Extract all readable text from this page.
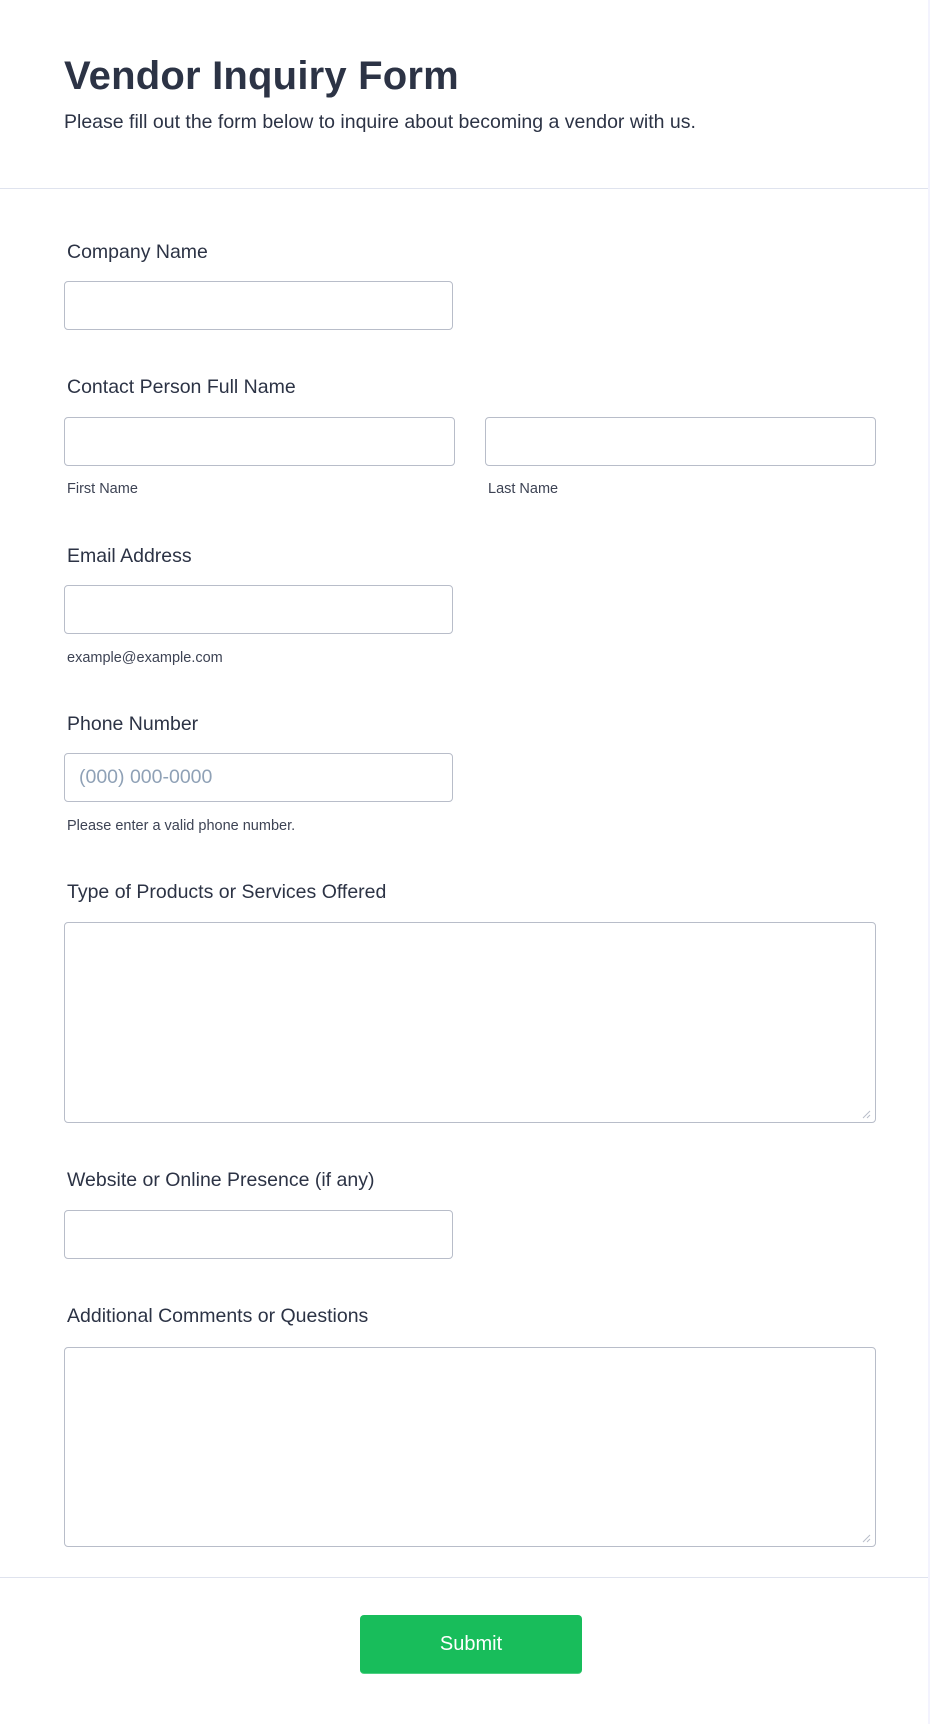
Vendor Inquiry Form
Please fill out the form below to inquire about becoming a vendor with us.
Company Name
Contact Person Full Name
First Name	Last Name
Email Address
example@example.com
Phone Number
(000) 000-0000
Please enter a valid phone number.
Type of Products or Services Offered
Website or Online Presence (if any)
Additional Comments or Questions
Submit
